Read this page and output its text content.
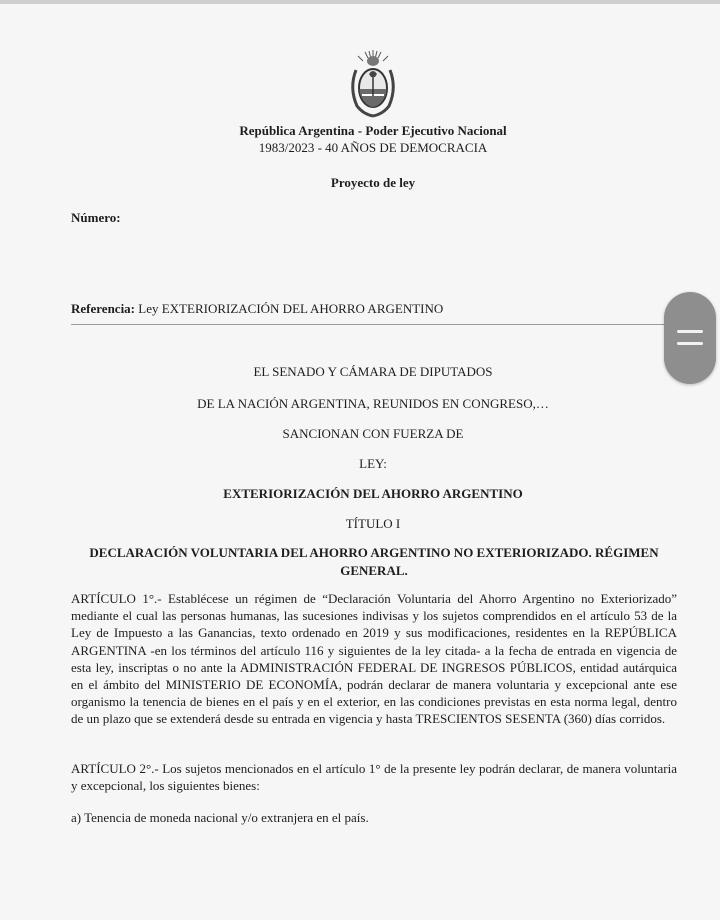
República Argentina - Poder Ejecutivo Nacional
1983/2023 - 40 AÑOS DE DEMOCRACIA
Proyecto de ley
Número:
Referencia: Ley EXTERIORIZACIÓN DEL AHORRO ARGENTINO
EL SENADO Y CÁMARA DE DIPUTADOS
DE LA NACIÓN ARGENTINA, REUNIDOS EN CONGRESO,…
SANCIONAN CON FUERZA DE
LEY:
EXTERIORIZACIÓN DEL AHORRO ARGENTINO
TÍTULO I
DECLARACIÓN VOLUNTARIA DEL AHORRO ARGENTINO NO EXTERIORIZADO. RÉGIMEN GENERAL.
ARTÍCULO 1°.- Establécese un régimen de “Declaración Voluntaria del Ahorro Argentino no Exteriorizado” mediante el cual las personas humanas, las sucesiones indivisas y los sujetos comprendidos en el artículo 53 de la Ley de Impuesto a las Ganancias, texto ordenado en 2019 y sus modificaciones, residentes en la REPÚBLICA ARGENTINA -en los términos del artículo 116 y siguientes de la ley citada- a la fecha de entrada en vigencia de esta ley, inscriptas o no ante la ADMINISTRACIÓN FEDERAL DE INGRESOS PÚBLICOS, entidad autárquica en el ámbito del MINISTERIO DE ECONOMÍA, podrán declarar de manera voluntaria y excepcional ante ese organismo la tenencia de bienes en el país y en el exterior, en las condiciones previstas en esta norma legal, dentro de un plazo que se extenderá desde su entrada en vigencia y hasta TRESCIENTOS SESENTA (360) días corridos.
ARTÍCULO 2°.- Los sujetos mencionados en el artículo 1° de la presente ley podrán declarar, de manera voluntaria y excepcional, los siguientes bienes:
a) Tenencia de moneda nacional y/o extranjera en el país.
